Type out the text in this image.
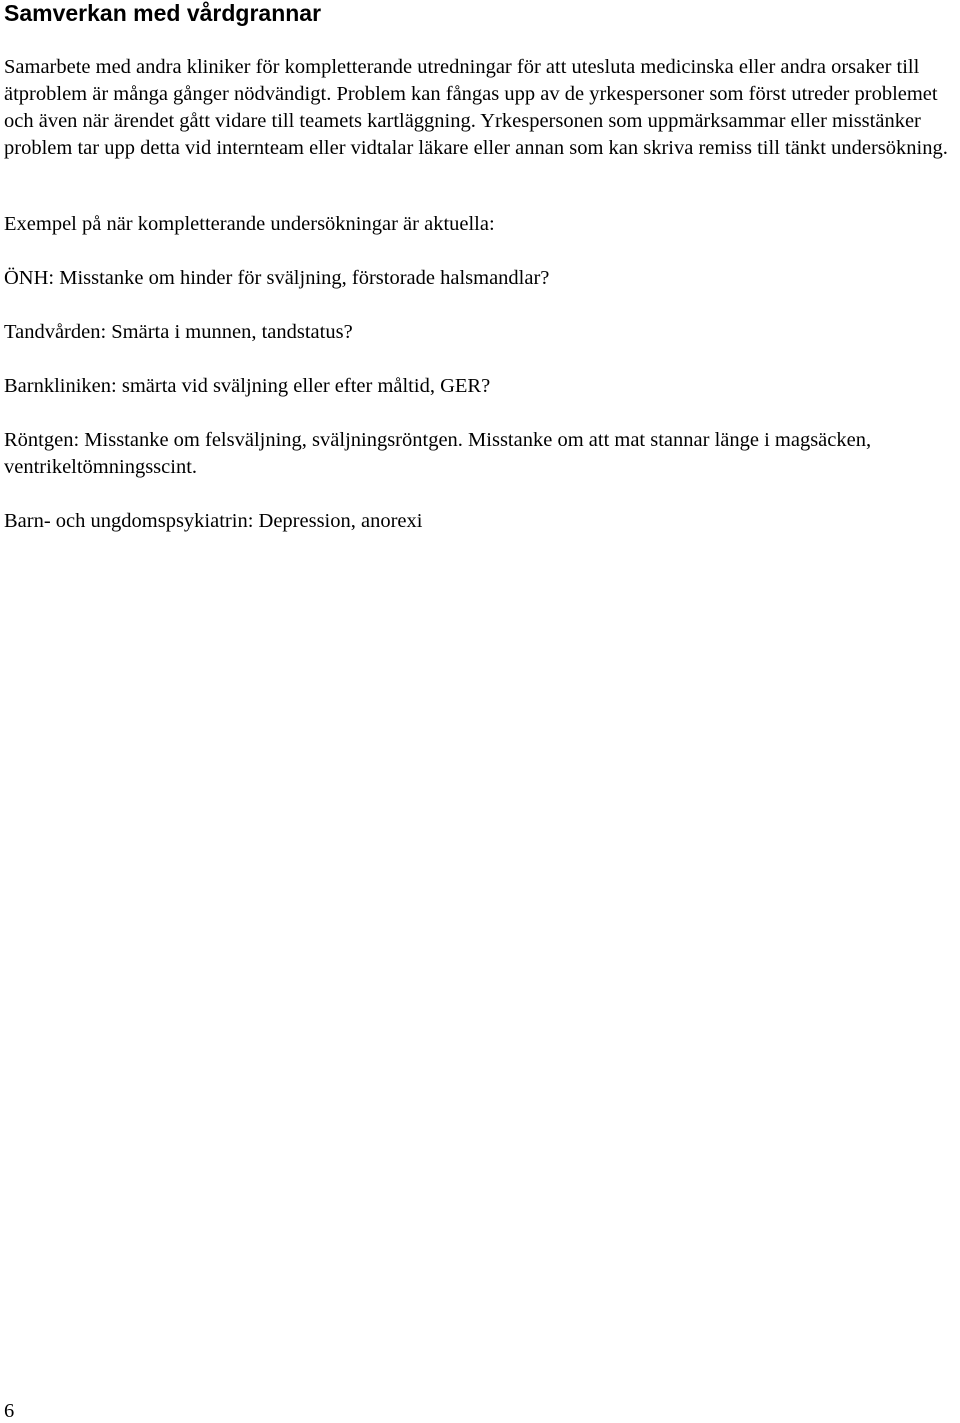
Samverkan med vårdgrannar

Samarbete med andra kliniker för kompletterande utredningar för att utesluta medicinska eller andra orsaker till ätproblem är många gånger nödvändigt. Problem kan fångas upp av de yrkespersoner som först utreder problemet och även när ärendet gått vidare till teamets kartläggning. Yrkespersonen som uppmärksammar eller misstänker problem tar upp detta vid internteam eller vidtalar läkare eller annan som kan skriva remiss till tänkt undersökning.

Exempel på när kompletterande undersökningar är aktuella:

ÖNH: Misstanke om hinder för sväljning, förstorade halsmandlar?

Tandvården: Smärta i munnen, tandstatus?

Barnkliniken: smärta vid sväljning eller efter måltid, GER?

Röntgen: Misstanke om felsväljning, sväljningsröntgen. Misstanke om att mat stannar länge i magsäcken, ventrikeltömningsscint.

Barn- och ungdomspsykiatrin: Depression, anorexi

6
